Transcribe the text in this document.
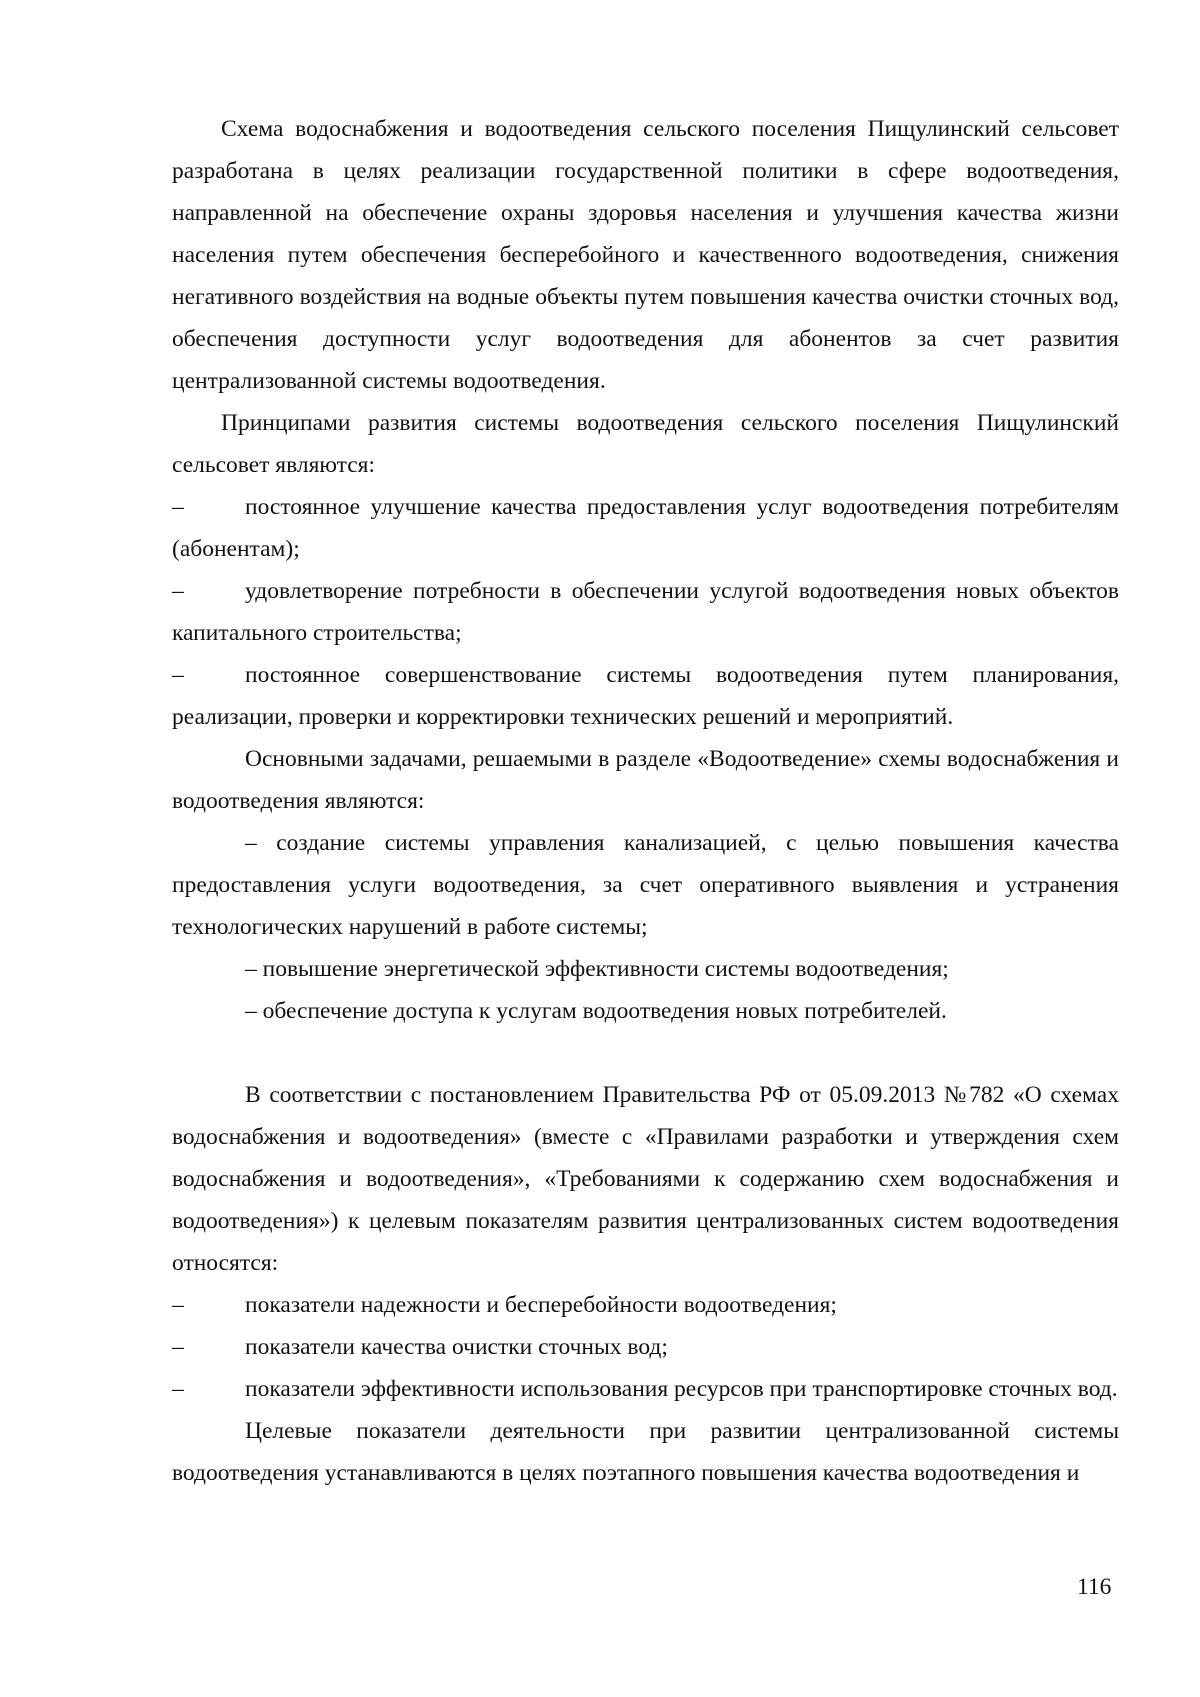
Схема водоснабжения и водоотведения сельского поселения Пищулинский сельсовет разработана в целях реализации государственной политики в сфере водоотведения, направленной на обеспечение охраны здоровья населения и улучшения качества жизни населения путем обеспечения бесперебойного и качественного водоотведения, снижения негативного воздействия на водные объекты путем повышения качества очистки сточных вод, обеспечения доступности услуг водоотведения для абонентов за счет развития централизованной системы водоотведения.

Принципами развития системы водоотведения сельского поселения Пищулинский сельсовет являются:

–	постоянное улучшение качества предоставления услуг водоотведения потребителям (абонентам);

–	удовлетворение потребности в обеспечении услугой водоотведения новых объектов капитального строительства;

–	постоянное совершенствование системы водоотведения путем планирования, реализации, проверки и корректировки технических решений и мероприятий.

Основными задачами, решаемыми в разделе «Водоотведение» схемы водоснабжения и водоотведения являются:

– создание системы управления канализацией, с целью повышения качества предоставления услуги водоотведения, за счет оперативного выявления и устранения технологических нарушений в работе системы;

– повышение энергетической эффективности системы водоотведения;

– обеспечение доступа к услугам водоотведения новых потребителей.

В соответствии с постановлением Правительства РФ от 05.09.2013 №782 «О схемах водоснабжения и водоотведения» (вместе с «Правилами разработки и утверждения схем водоснабжения и водоотведения», «Требованиями к содержанию схем водоснабжения и водоотведения») к целевым показателям развития централизованных систем водоотведения относятся:

–	показатели надежности и бесперебойности водоотведения;

–	показатели качества очистки сточных вод;

–	показатели эффективности использования ресурсов при транспортировке сточных вод.

Целевые показатели деятельности при развитии централизованной системы водоотведения устанавливаются в целях поэтапного повышения качества водоотведения и

116
